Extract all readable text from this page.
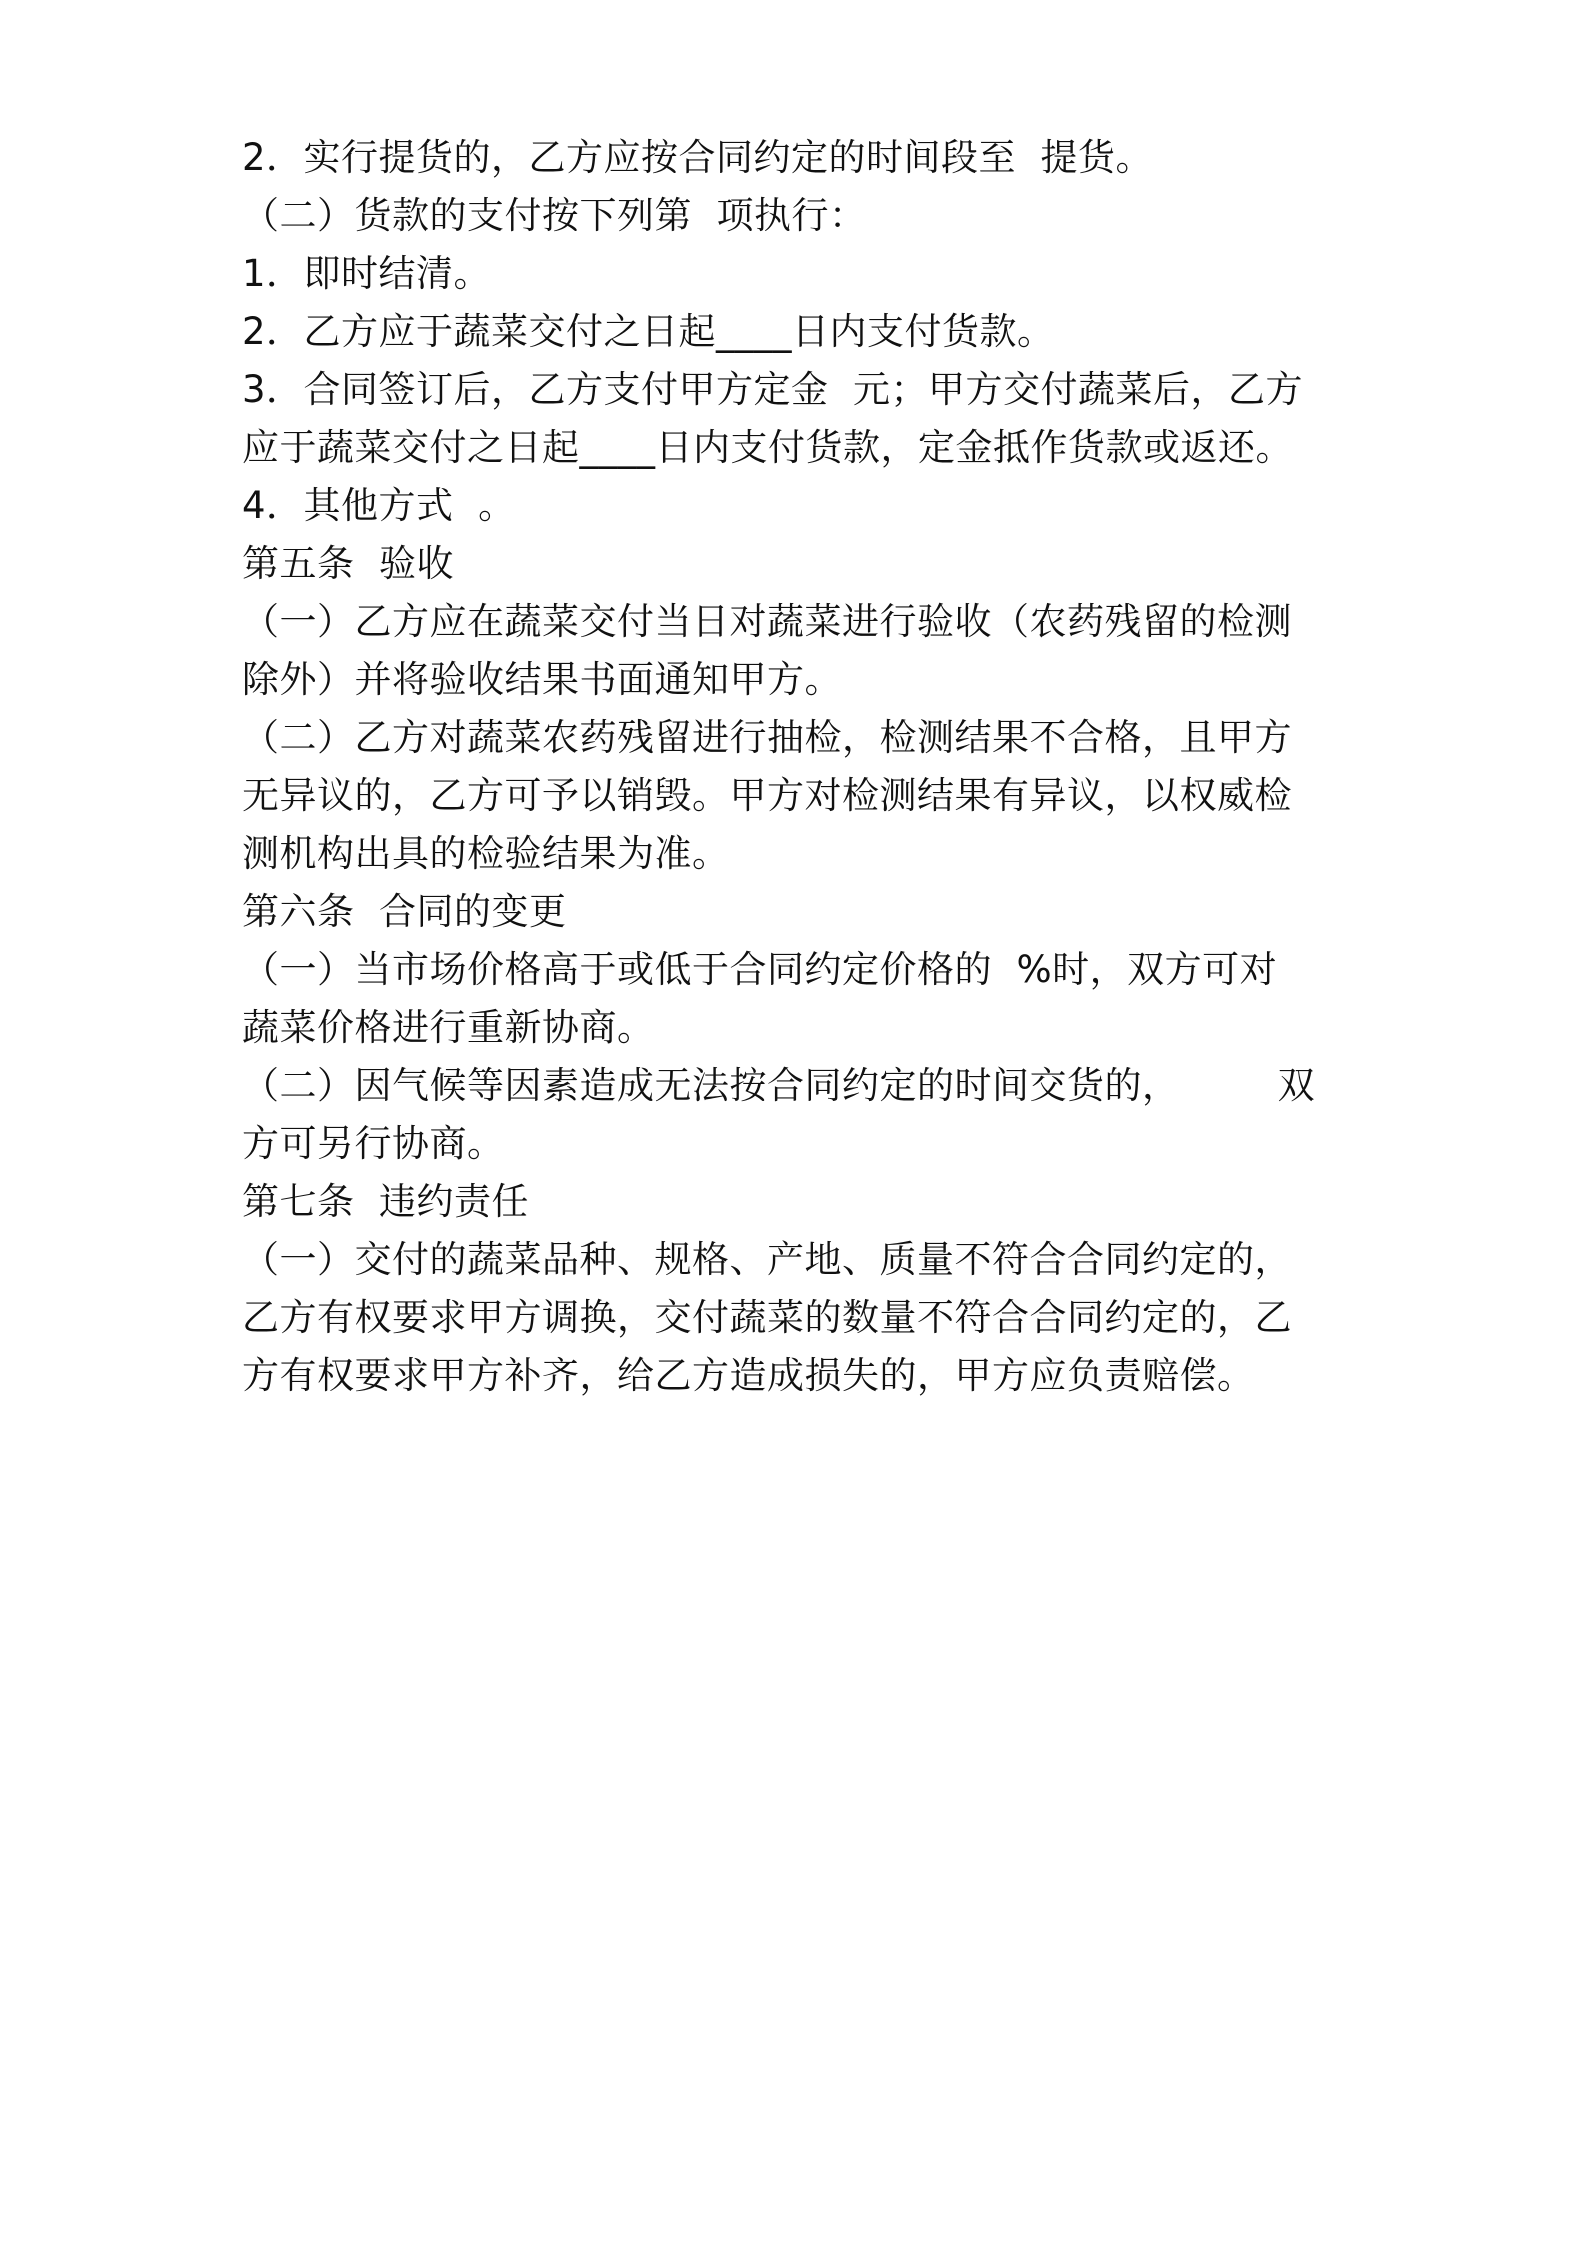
2．实行提货的，乙方应按合同约定的时间段至  提货。
（二）货款的支付按下列第  项执行：
1．即时结清。
2．乙方应于蔬菜交付之日起____日内支付货款。
3．合同签订后，乙方支付甲方定金  元；甲方交付蔬菜后，乙方
应于蔬菜交付之日起____日内支付货款，定金抵作货款或返还。
4．其他方式  。
第五条  验收
（一）乙方应在蔬菜交付当日对蔬菜进行验收（农药残留的检测
除外）并将验收结果书面通知甲方。
（二）乙方对蔬菜农药残留进行抽检，检测结果不合格，且甲方
无异议的，乙方可予以销毁。甲方对检测结果有异议，以权威检
测机构出具的检验结果为准。
第六条  合同的变更
（一）当市场价格高于或低于合同约定价格的  %时，双方可对
蔬菜价格进行重新协商。
（二）因气候等因素造成无法按合同约定的时间交货的，        双
方可另行协商。
第七条  违约责任
（一）交付的蔬菜品种、规格、产地、质量不符合合同约定的，
乙方有权要求甲方调换，交付蔬菜的数量不符合合同约定的，乙
方有权要求甲方补齐，给乙方造成损失的，甲方应负责赔偿。
